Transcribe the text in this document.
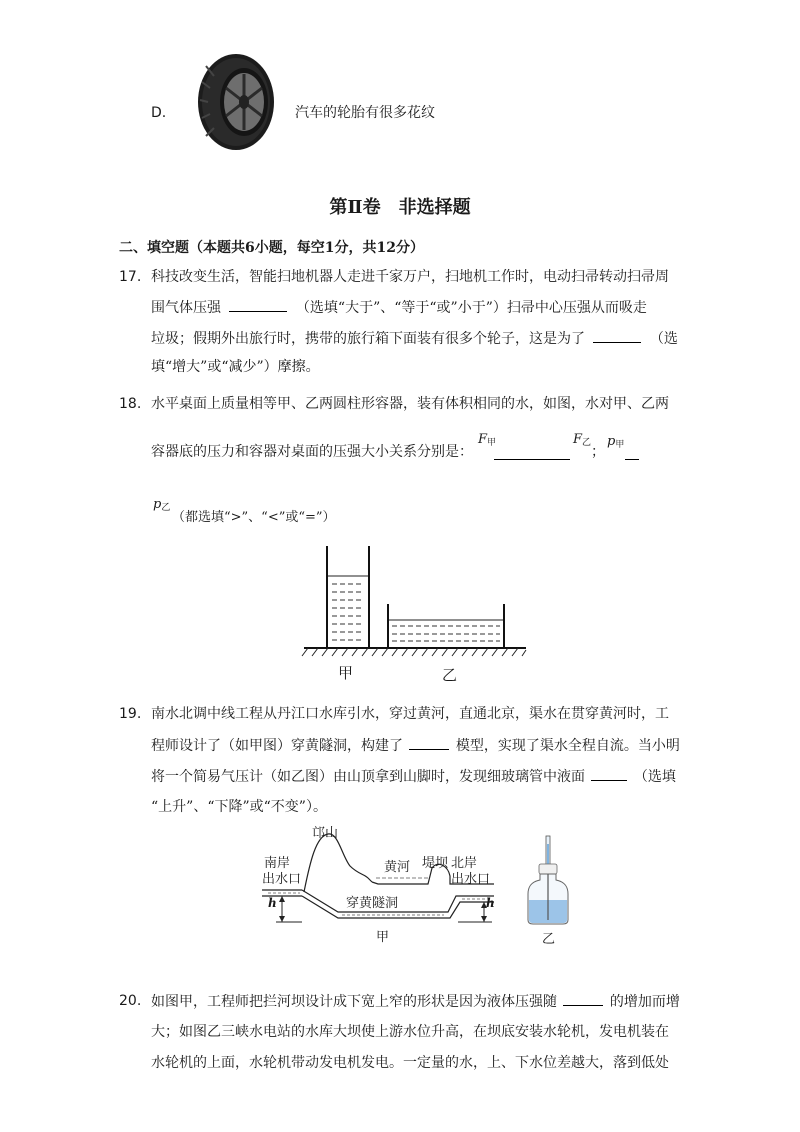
D.	汽车的轮胎有很多花纹
第Ⅱ卷　非选择题
二、填空题（本题共6小题，每空1分，共12分）
17. 科技改变生活，智能扫地机器人走进千家万户，扫地机工作时，电动扫帚转动扫帚周
围气体压强	（选填“大于”、“等于“或”小于”）扫帚中心压强从而吸走
垃圾；假期外出旅行时，携带的旅行箱下面装有很多个轮子，这是为了	（选
填“增大”或“减少”）摩擦。
18. 水平桌面上质量相等甲、乙两圆柱形容器，装有体积相同的水，如图，水对甲、乙两
容器底的压力和容器对桌面的压强大小关系分别是：
$F_甲$	$F_乙$
；
$p_甲$
$p_乙$
（都选填“>”、“<”或“=”）
甲	乙
19. 南水北调中线工程从丹江口水库引水，穿过黄河，直通北京，渠水在贯穿黄河时，工
程师设计了（如甲图）穿黄隧洞，构建了	模型，实现了渠水全程自流。当小明
将一个简易气压计（如乙图）由山顶拿到山脚时，发现细玻璃管中液面	（选填
“上升”、“下降”或“不变”）。
邙山
南岸
出水口
黄河 堤坝 北岸
出水口
穿黄隧洞
h	h
甲	乙
20. 如图甲，工程师把拦河坝设计成下宽上窄的形状是因为液体压强随	的增加而增
大；如图乙三峡水电站的水库大坝使上游水位升高，在坝底安装水轮机，发电机装在
水轮机的上面，水轮机带动发电机发电。一定量的水，上、下水位差越大，落到低处
